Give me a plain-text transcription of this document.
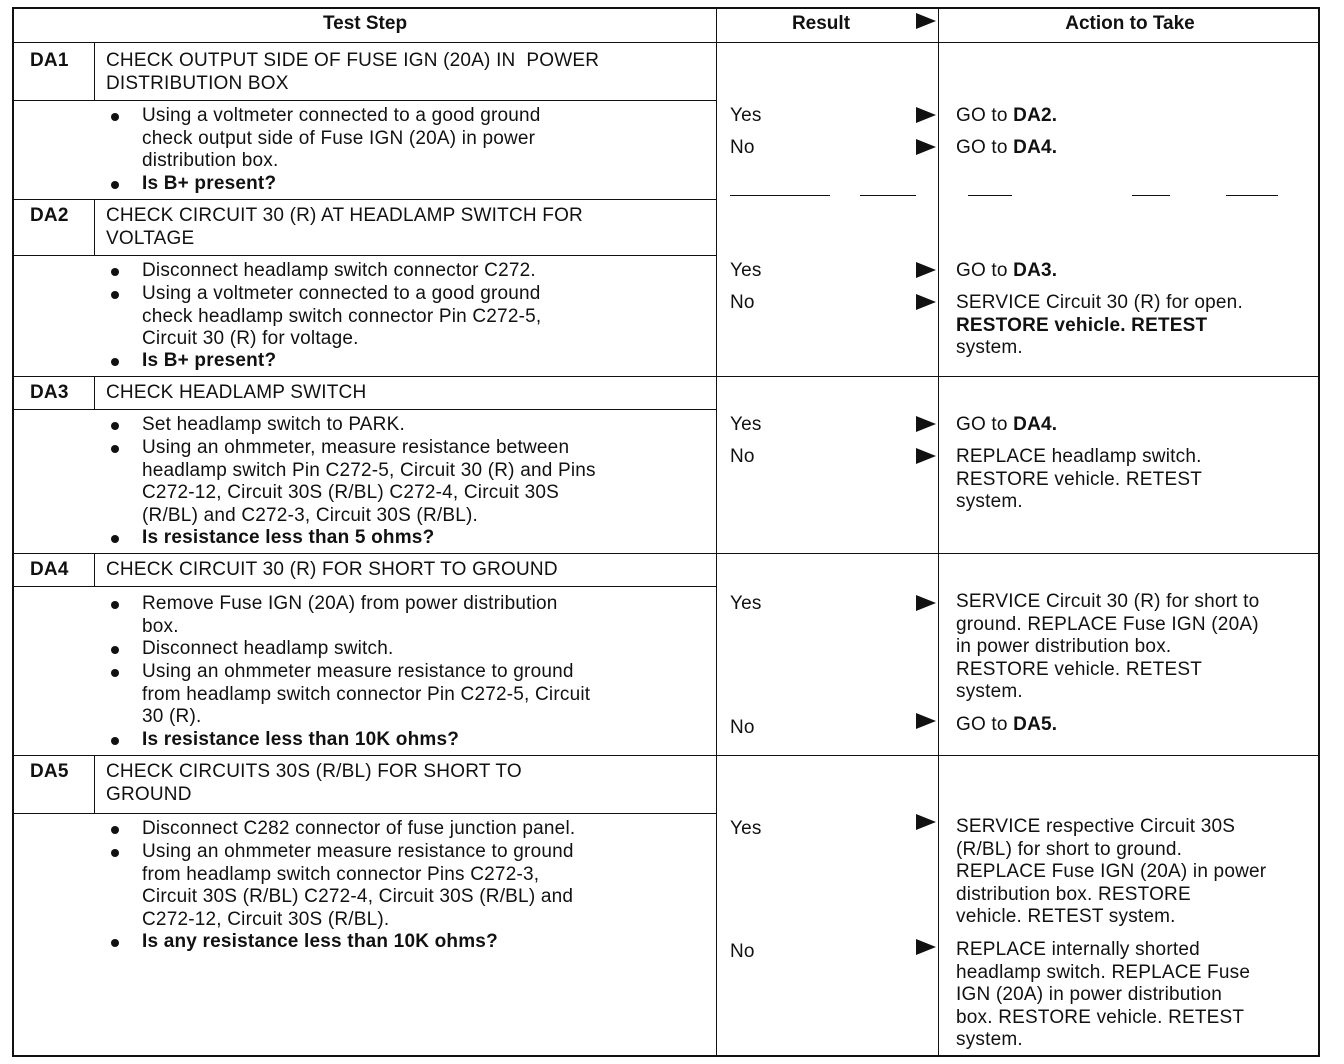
Test Step	Result	Action to Take
DA1 CHECK OUTPUT SIDE OF FUSE IGN (20A) IN  POWER
DISTRIBUTION BOX
Using a voltmeter connected to a good ground
check output side of Fuse IGN (20A) in power
distribution box.
Is B+ present?
Yes	GO to DA2.
No	GO to DA4.
DA2 CHECK CIRCUIT 30 (R) AT HEADLAMP SWITCH FOR
VOLTAGE
Disconnect headlamp switch connector C272.
Using a voltmeter connected to a good ground
check headlamp switch connector Pin C272-5,
Circuit 30 (R) for voltage.
Is B+ present?
Yes	GO to DA3.
No	SERVICE Circuit 30 (R) for open.
RESTORE vehicle. RETEST
system.
DA3 CHECK HEADLAMP SWITCH
Set headlamp switch to PARK.
Using an ohmmeter, measure resistance between
headlamp switch Pin C272-5, Circuit 30 (R) and Pins
C272-12, Circuit 30S (R/BL) C272-4, Circuit 30S
(R/BL) and C272-3, Circuit 30S (R/BL).
Is resistance less than 5 ohms?
Yes	GO to DA4.
No	REPLACE headlamp switch.
RESTORE vehicle. RETEST
system.
DA4 CHECK CIRCUIT 30 (R) FOR SHORT TO GROUND
Remove Fuse IGN (20A) from power distribution
box.
Disconnect headlamp switch.
Using an ohmmeter measure resistance to ground
from headlamp switch connector Pin C272-5, Circuit
30 (R).
Is resistance less than 10K ohms?
Yes	SERVICE Circuit 30 (R) for short to
ground. REPLACE Fuse IGN (20A)
in power distribution box.
RESTORE vehicle. RETEST
system.
No	GO to DA5.
DA5 CHECK CIRCUITS 30S (R/BL) FOR SHORT TO
GROUND
Disconnect C282 connector of fuse junction panel.
Using an ohmmeter measure resistance to ground
from headlamp switch connector Pins C272-3,
Circuit 30S (R/BL) C272-4, Circuit 30S (R/BL) and
C272-12, Circuit 30S (R/BL).
Is any resistance less than 10K ohms?
Yes	SERVICE respective Circuit 30S
(R/BL) for short to ground.
REPLACE Fuse IGN (20A) in power
distribution box. RESTORE
vehicle. RETEST system.
No	REPLACE internally shorted
headlamp switch. REPLACE Fuse
IGN (20A) in power distribution
box. RESTORE vehicle. RETEST
system.
